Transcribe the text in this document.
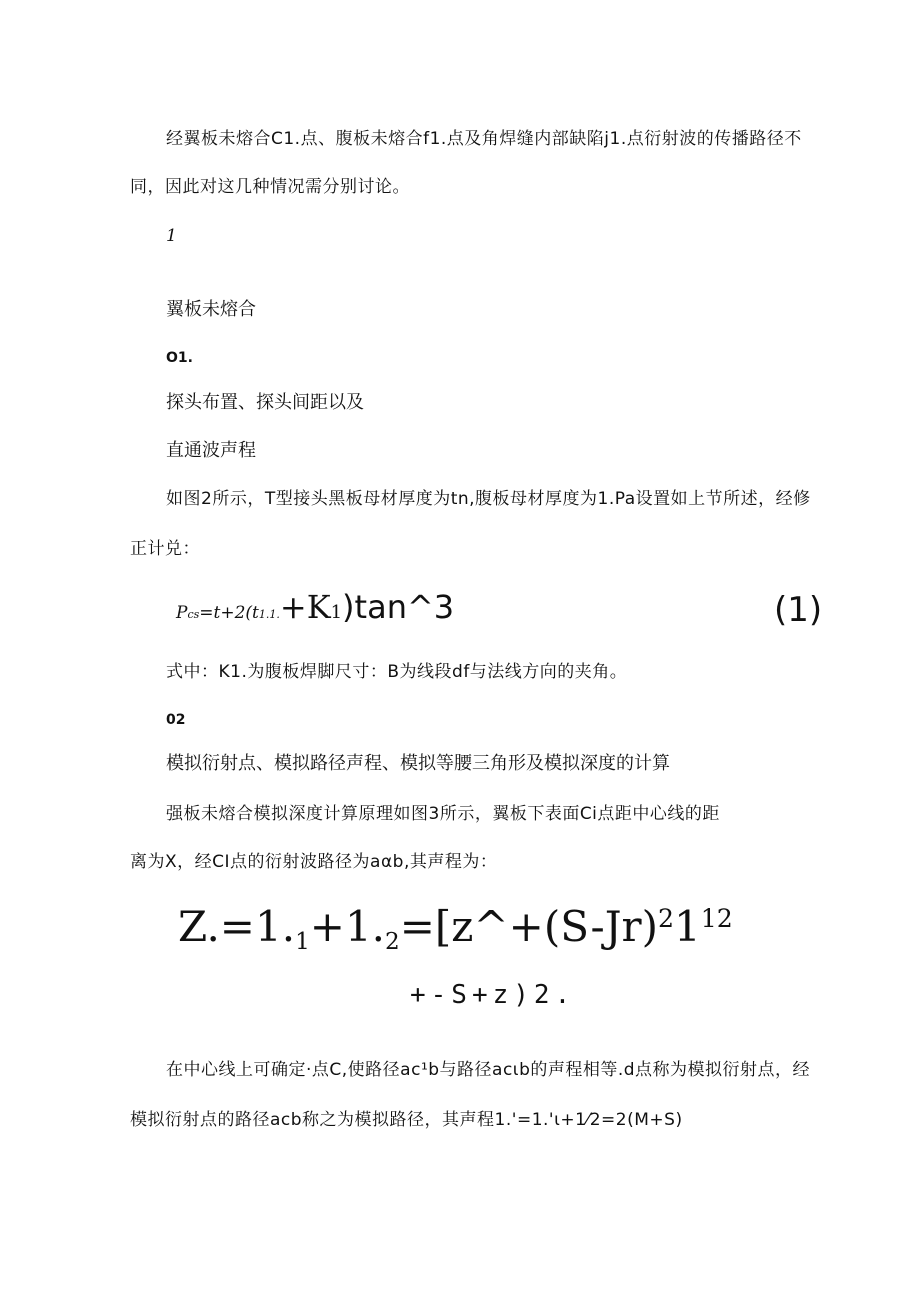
经翼板未熔合C1.点、腹板未熔合f1.点及角焊缝内部缺陷j1.点衍射波的传播路径不
同，因此对这几种情况需分别讨论。
1
翼板未熔合
O1.
探头布置、探头间距以及
直通波声程
如图2所示，T型接头黑板母材厚度为tn,腹板母材厚度为1.Pa设置如上节所述，经修
正计兑：
Pcs=t+2(t1.1.+K1)tan^3	(1)
式中：K1.为腹板焊脚尺寸：B为线段df与法线方向的夹角。
02
模拟衍射点、模拟路径声程、模拟等腰三角形及模拟深度的计算
强板未熔合模拟深度计算原理如图3所示，翼板下表面Ci点距中心线的距
离为X，经CI点的衍射波路径为aαb,其声程为：
$Z.=1._1+1._2=[z\^{}+(S-Jr)^21^{12}$
+-S+z)2.
在中心线上可确定·点C,使路径ac¹b与路径acιb的声程相等.d点称为模拟衍射点，经
模拟衍射点的路径acb称之为模拟路径，其声程1.'=1.'ι+1⁄2=2(M+S)
